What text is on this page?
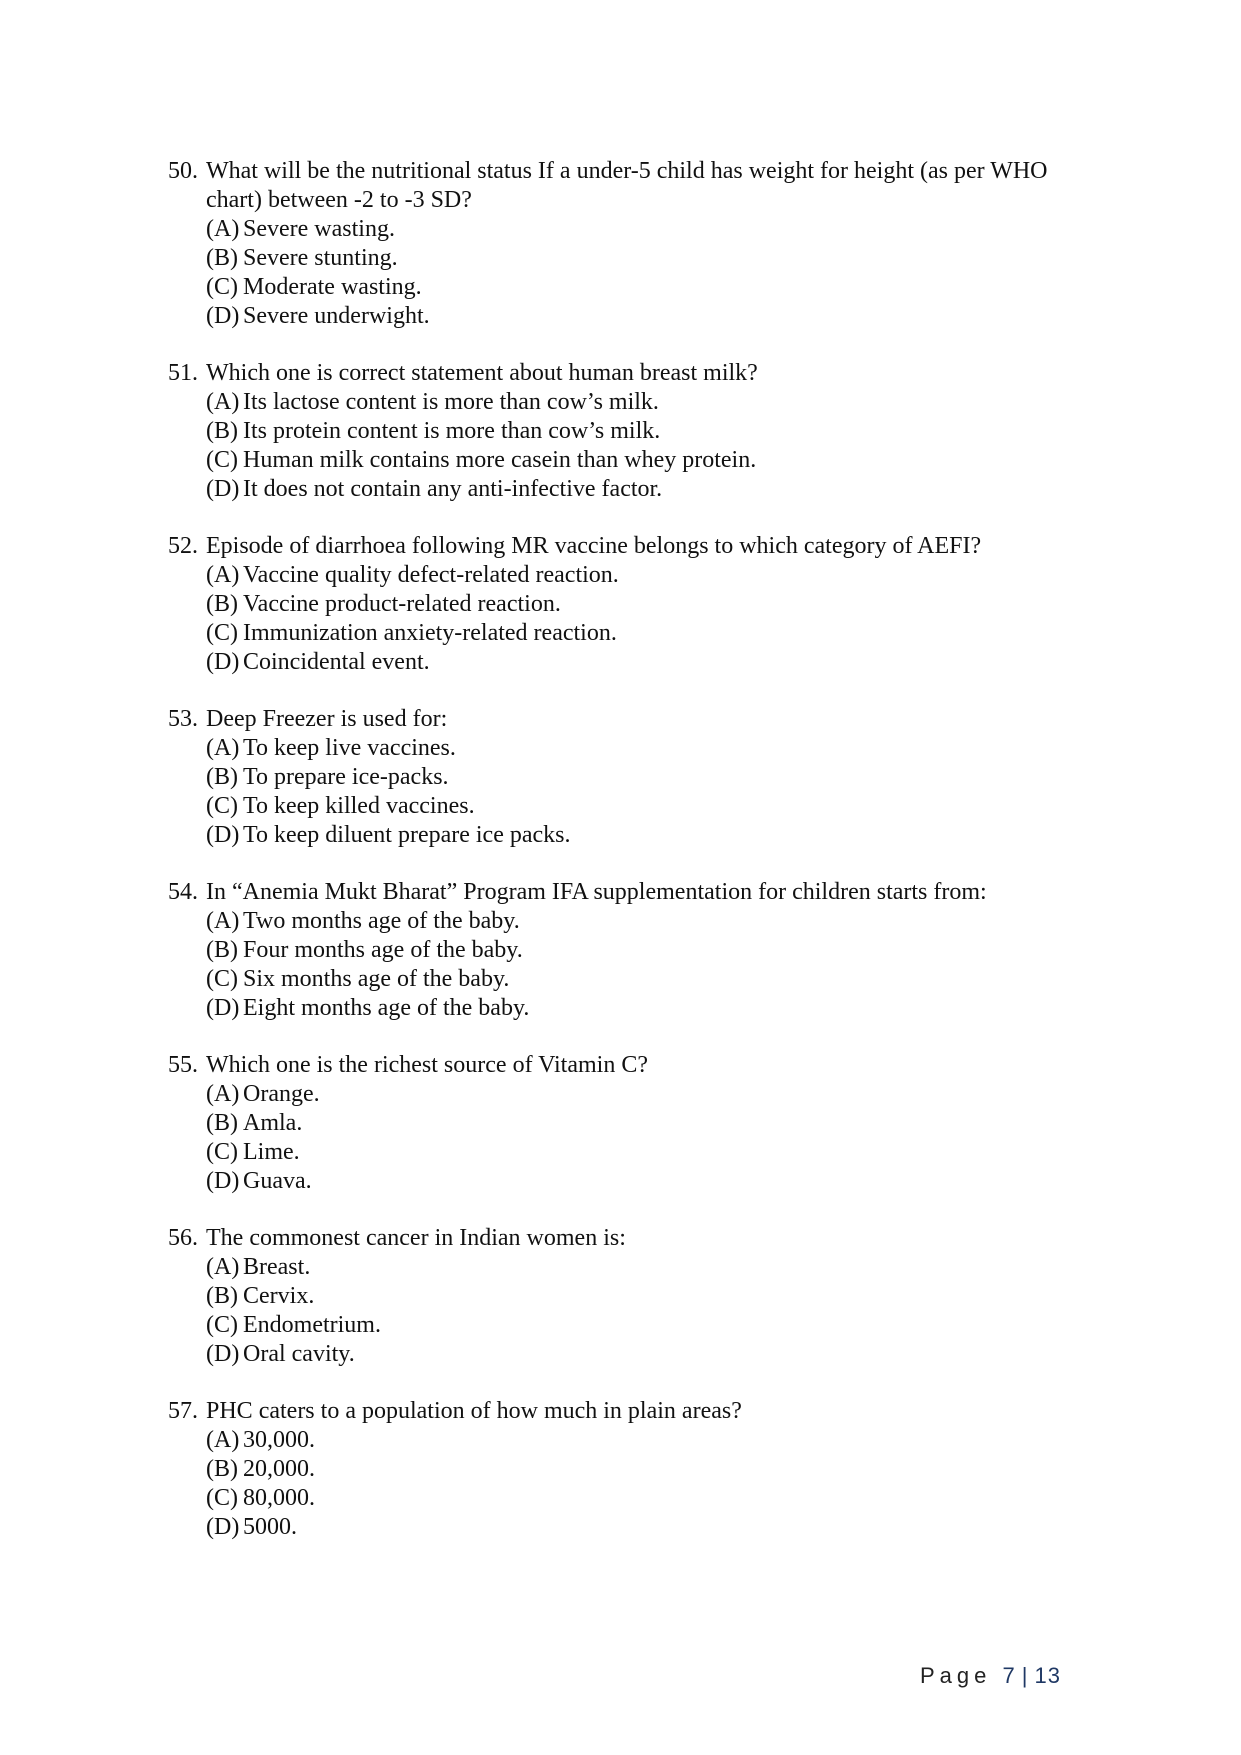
50. What will be the nutritional status If a under-5 child has weight for height (as per WHO chart) between -2 to -3 SD?
(A) Severe wasting.
(B) Severe stunting.
(C) Moderate wasting.
(D) Severe underwight.
51. Which one is correct statement about human breast milk?
(A) Its lactose content is more than cow’s milk.
(B) Its protein content is more than cow’s milk.
(C) Human milk contains more casein than whey protein.
(D) It does not contain any anti-infective factor.
52. Episode of diarrhoea following MR vaccine belongs to which category of AEFI?
(A) Vaccine quality defect-related reaction.
(B) Vaccine product-related reaction.
(C) Immunization anxiety-related reaction.
(D) Coincidental event.
53. Deep Freezer is used for:
(A) To keep live vaccines.
(B) To prepare ice-packs.
(C) To keep killed vaccines.
(D) To keep diluent prepare ice packs.
54. In “Anemia Mukt Bharat” Program IFA supplementation for children starts from:
(A) Two months age of the baby.
(B) Four months age of the baby.
(C) Six months age of the baby.
(D) Eight months age of the baby.
55. Which one is the richest source of Vitamin C?
(A) Orange.
(B) Amla.
(C) Lime.
(D) Guava.
56. The commonest cancer in Indian women is:
(A) Breast.
(B) Cervix.
(C) Endometrium.
(D) Oral cavity.
57. PHC caters to a population of how much in plain areas?
(A) 30,000.
(B) 20,000.
(C) 80,000.
(D) 5000.
Page 7 | 13
